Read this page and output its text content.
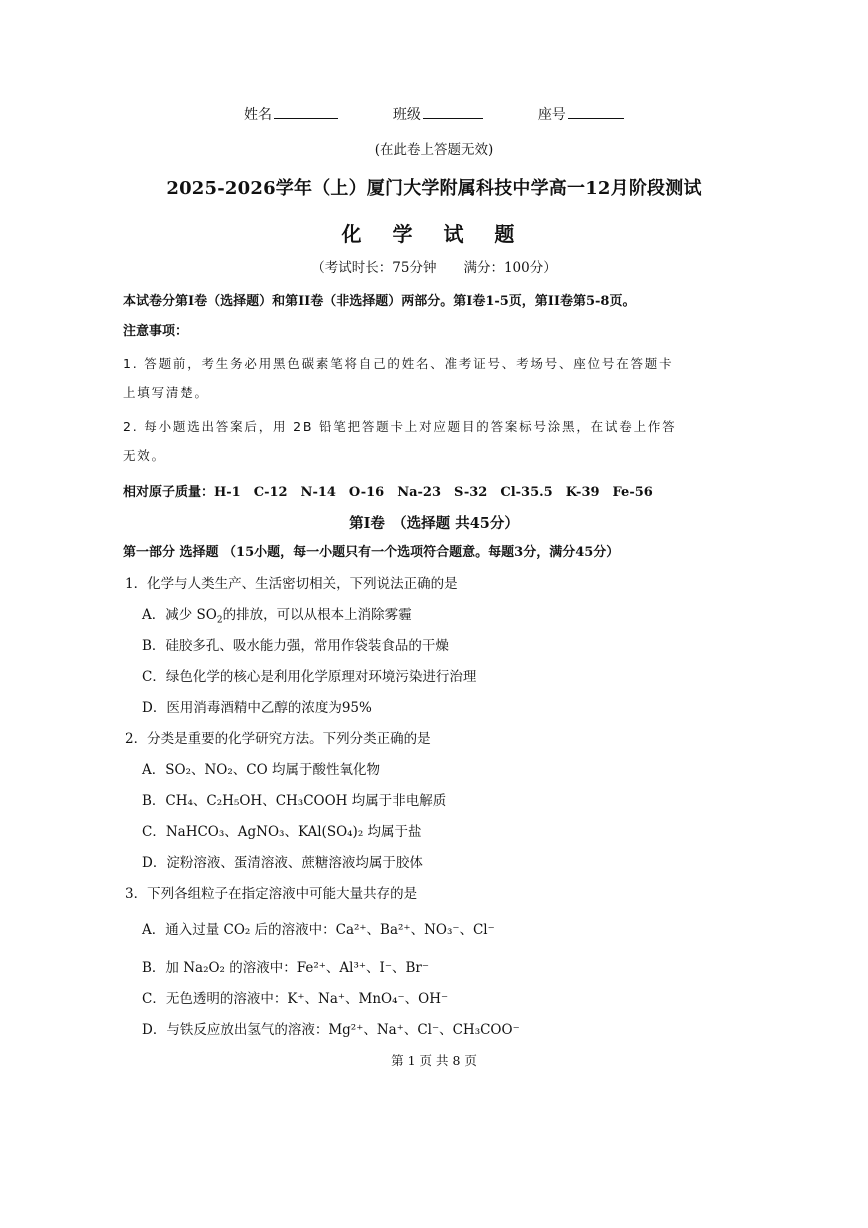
姓名	班级	座号
(在此卷上答题无效)
2025-2026学年（上）厦门大学附属科技中学高一12月阶段测试
化 学 试 题
（考试时长：75分钟　　满分：100分）
本试卷分第I卷（选择题）和第II卷（非选择题）两部分。第I卷1-5页，第II卷第5-8页。
注意事项：
1. 答题前，考生务必用黑色碳素笔将自己的姓名、准考证号、考场号、座位号在答题卡
上填写清楚。
2. 每小题选出答案后，用 2B 铅笔把答题卡上对应题目的答案标号涂黑，在试卷上作答
无效。
相对原子质量：H-1　C-12　N-14　O-16　Na-23　S-32　Cl-35.5　K-39　Fe-56
第I卷　（选择题 共45分）
第一部分 选择题 （15小题，每一小题只有一个选项符合题意。每题3分，满分45分）
1．化学与人类生产、生活密切相关，下列说法正确的是
A．减少 $SO_2$的排放，可以从根本上消除雾霾
B．硅胶多孔、吸水能力强，常用作袋装食品的干燥
C．绿色化学的核心是利用化学原理对环境污染进行治理
D．医用消毒酒精中乙醇的浓度为95%
2．分类是重要的化学研究方法。下列分类正确的是
A．SO₂、NO₂、CO 均属于酸性氧化物
B．CH₄、C₂H₅OH、CH₃COOH 均属于非电解质
C．NaHCO₃、AgNO₃、KAl(SO₄)₂ 均属于盐
D．淀粉溶液、蛋清溶液、蔗糖溶液均属于胶体
3．下列各组粒子在指定溶液中可能大量共存的是
A．通入过量 CO₂ 后的溶液中：Ca²⁺、Ba²⁺、NO₃⁻、Cl⁻
B．加 Na₂O₂ 的溶液中：Fe²⁺、Al³⁺、I⁻、Br⁻
C．无色透明的溶液中：K⁺、Na⁺、MnO₄⁻、OH⁻
D．与铁反应放出氢气的溶液：Mg²⁺、Na⁺、Cl⁻、CH₃COO⁻
第 1 页 共 8 页
